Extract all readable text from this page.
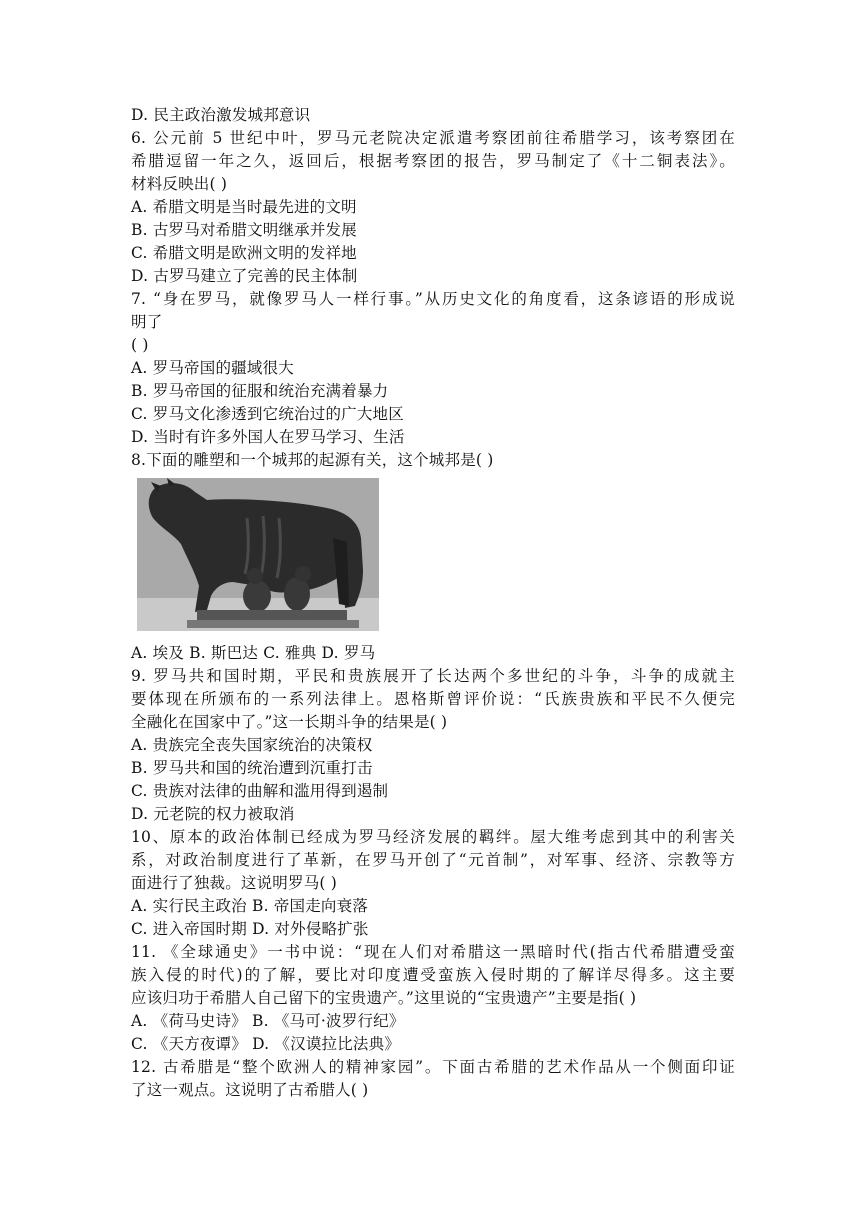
D. 民主政治激发城邦意识
6. 公元前 5 世纪中叶，罗马元老院决定派遣考察团前往希腊学习，该考察团在
希腊逗留一年之久，返回后，根据考察团的报告，罗马制定了《十二铜表法》。
材料反映出( )
A. 希腊文明是当时最先进的文明
B. 古罗马对希腊文明继承并发展
C. 希腊文明是欧洲文明的发祥地
D. 古罗马建立了完善的民主体制
7. “身在罗马，就像罗马人一样行事。”从历史文化的角度看，这条谚语的形成说
明了
( )
A. 罗马帝国的疆域很大
B. 罗马帝国的征服和统治充满着暴力
C. 罗马文化渗透到它统治过的广大地区
D. 当时有许多外国人在罗马学习、生活
8.下面的雕塑和一个城邦的起源有关，这个城邦是( )
A. 埃及 B. 斯巴达 C. 雅典 D. 罗马
9. 罗马共和国时期，平民和贵族展开了长达两个多世纪的斗争，斗争的成就主
要体现在所颁布的一系列法律上。恩格斯曾评价说：“氏族贵族和平民不久便完
全融化在国家中了。”这一长期斗争的结果是( )
A. 贵族完全丧失国家统治的决策权
B. 罗马共和国的统治遭到沉重打击
C. 贵族对法律的曲解和滥用得到遏制
D. 元老院的权力被取消
10、原本的政治体制已经成为罗马经济发展的羁绊。屋大维考虑到其中的利害关
系，对政治制度进行了革新，在罗马开创了“元首制”，对军事、经济、宗教等方
面进行了独裁。这说明罗马( )
A. 实行民主政治 B. 帝国走向衰落
C. 进入帝国时期 D. 对外侵略扩张
11. 《全球通史》一书中说：“现在人们对希腊这一黑暗时代(指古代希腊遭受蛮
族入侵的时代)的了解，要比对印度遭受蛮族入侵时期的了解详尽得多。这主要
应该归功于希腊人自己留下的宝贵遗产。”这里说的“宝贵遗产”主要是指( )
A. 《荷马史诗》 B. 《马可·波罗行纪》
C. 《天方夜谭》 D. 《汉谟拉比法典》
12. 古希腊是“整个欧洲人的精神家园”。下面古希腊的艺术作品从一个侧面印证
了这一观点。这说明了古希腊人( )
